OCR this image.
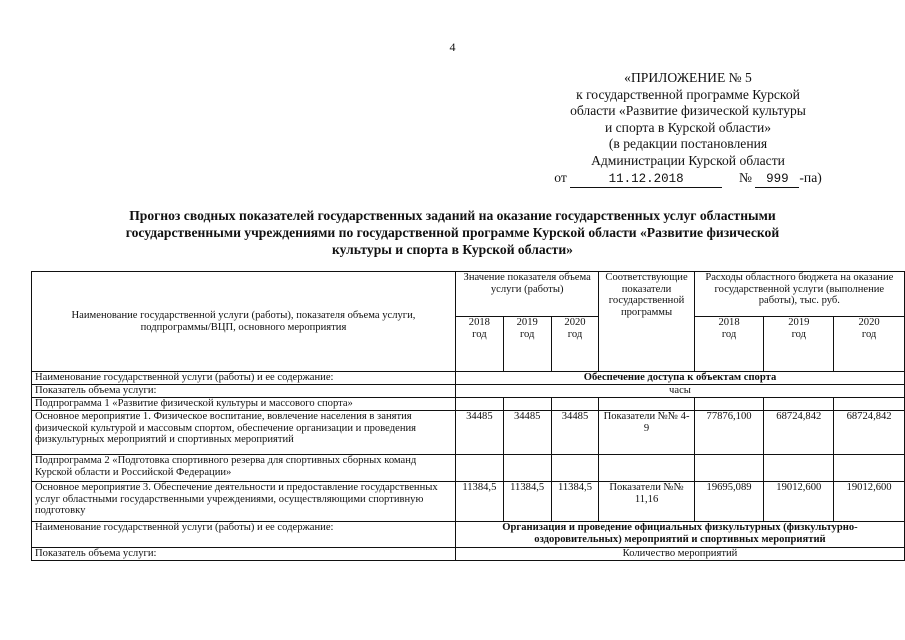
4
«ПРИЛОЖЕНИЕ № 5
к государственной программе Курской
области «Развитие физической культуры
и спорта в Курской области»
(в редакции постановления
Администрации Курской области
от	11.12.2018	№ 999 -па)
Прогноз сводных показателей государственных заданий на оказание государственных услуг областными
государственными учреждениями по государственной программе Курской области «Развитие физической
культуры и спорта в Курской области»
Наименование государственной услуги (работы), показателя объема услуги, подпрограммы/ВЦП, основного мероприятия	Значение показателя объема услуги (работы)			Соответствующие показатели государственной программы	Расходы областного бюджета на оказание государственной услуги (выполнение работы), тыс. руб.		
	2018 год	2019 год	2020 год		2018 год	2019 год	2020 год
Наименование государственной услуги (работы) и ее содержание:	Обеспечение доступа к объектам спорта						
Показатель объема услуги:	часы						
Подпрограмма 1 «Развитие физической культуры и массового спорта»							
Основное мероприятие 1. Физическое воспитание, вовлечение населения в занятия физической культурой и массовым спортом, обеспечение организации и проведения физкультурных мероприятий и спортивных мероприятий	34485	34485	34485	Показатели №№ 4-9	77876,100	68724,842	68724,842
Подпрограмма 2 «Подготовка спортивного резерва для спортивных сборных команд Курской области и Российской Федерации»							
Основное мероприятие 3. Обеспечение деятельности и предоставление государственных услуг областными государственными учреждениями, осуществляющими спортивную подготовку	11384,5	11384,5	11384,5	Показатели №№ 11,16	19695,089	19012,600	19012,600
Наименование государственной услуги (работы) и ее содержание:	Организация и проведение официальных физкультурных (физкультурно-оздоровительных) мероприятий и спортивных мероприятий						
Показатель объема услуги:	Количество мероприятий						
